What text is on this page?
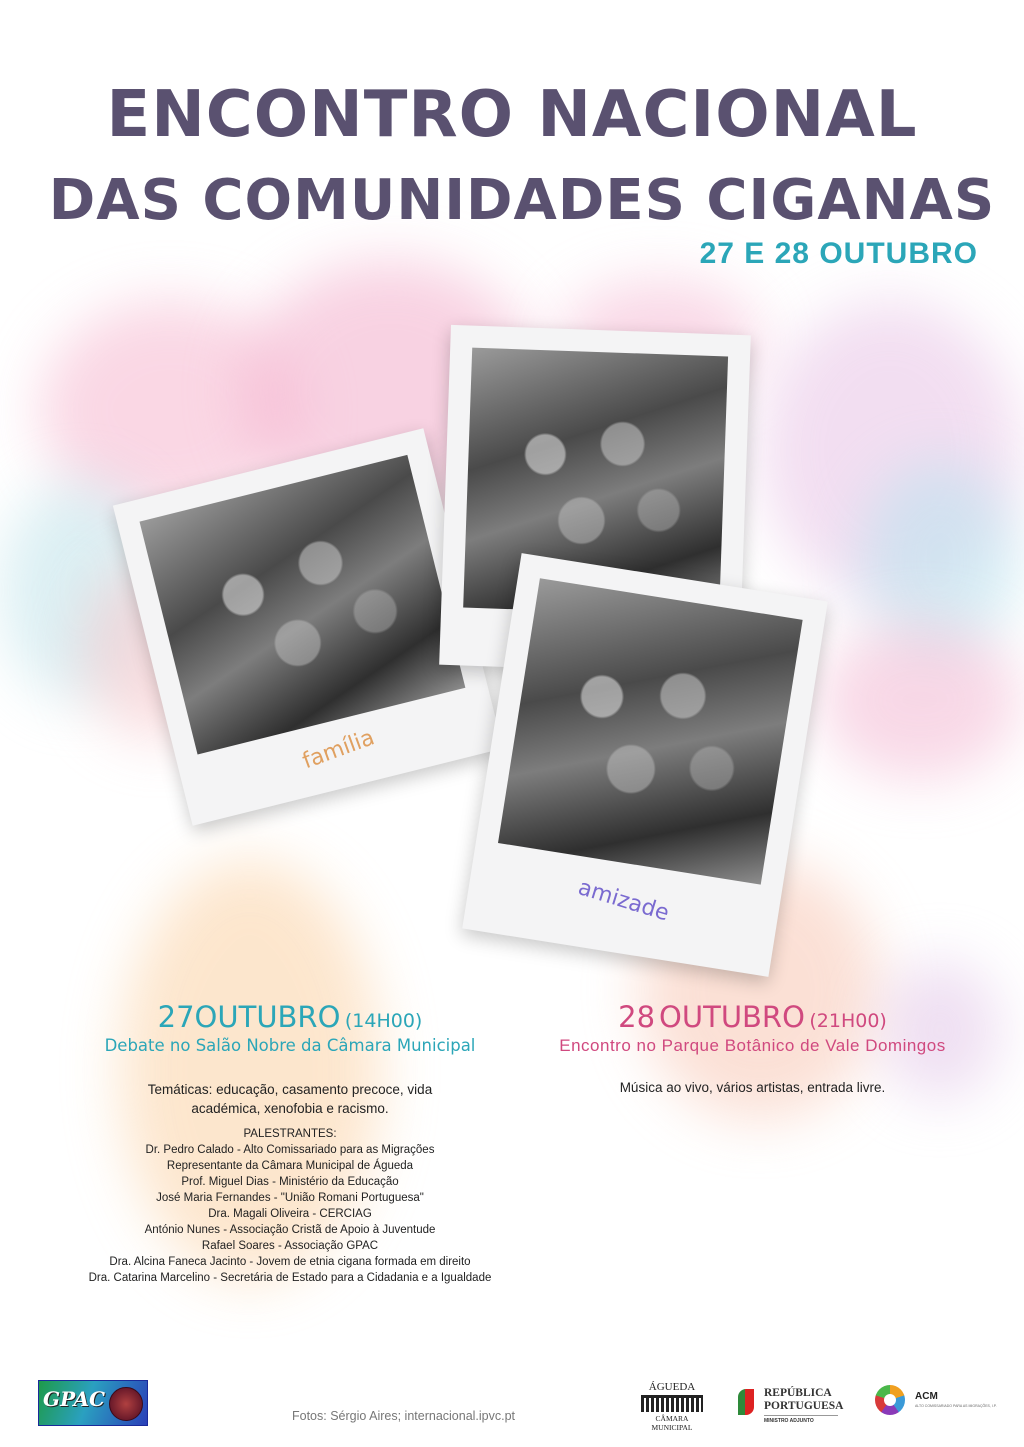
ENCONTRO NACIONAL
DAS COMUNIDADES CIGANAS
27 E 28 OUTUBRO
família
amizade
27OUTUBRO (14H00)
Debate no Salão Nobre da Câmara Municipal
Temáticas: educação, casamento precoce, vida
académica, xenofobia e racismo.
PALESTRANTES:
Dr. Pedro Calado - Alto Comissariado para as Migrações
Representante da Câmara Municipal de Águeda
Prof. Miguel Dias - Ministério da Educação
José Maria Fernandes - "União Romani Portuguesa"
Dra. Magali Oliveira - CERCIAG
António Nunes - Associação Cristã de Apoio à Juventude
Rafael Soares - Associação GPAC
Dra. Alcina Faneca Jacinto - Jovem de etnia cigana formada em direito
Dra. Catarina Marcelino - Secretária de Estado para a Cidadania e a Igualdade
28 OUTUBRO (21H00)
Encontro no Parque Botânico de Vale Domingos
Música ao vivo, vários artistas, entrada livre.
GPAC
Fotos: Sérgio Aires; internacional.ipvc.pt
ÁGUEDA
CÂMARA MUNICIPAL
REPÚBLICA
PORTUGUESA
MINISTRO ADJUNTO
ACM
ALTO COMISSARIADO PARA AS MIGRAÇÕES, I.P.
